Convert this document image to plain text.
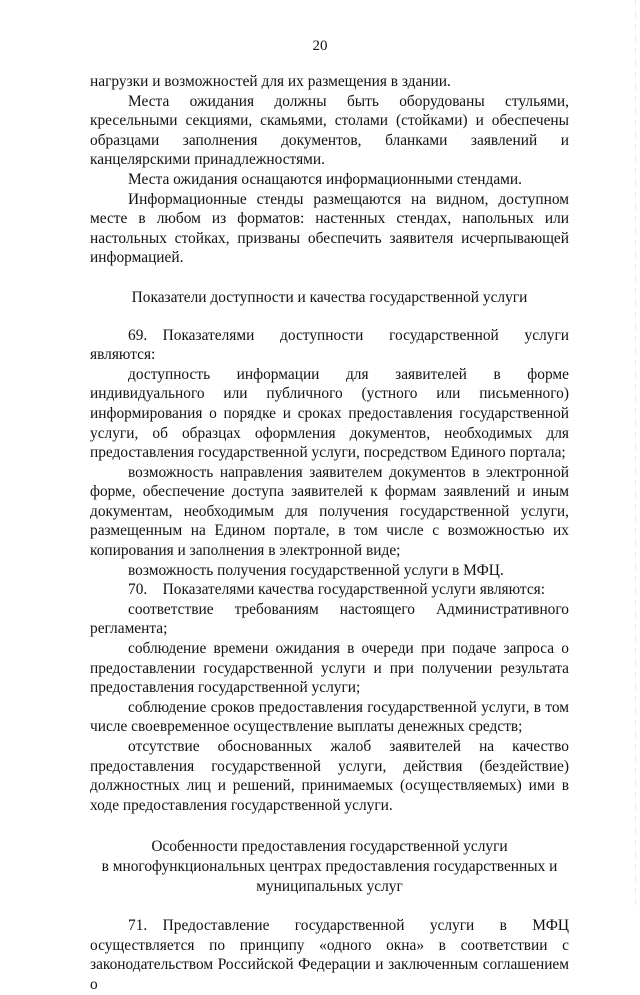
20

нагрузки и возможностей для их размещения в здании.

Места ожидания должны быть оборудованы стульями, кресельными секциями, скамьями, столами (стойками) и обеспечены образцами заполнения документов, бланками заявлений и канцелярскими принадлежностями.

Места ожидания оснащаются информационными стендами.

Информационные стенды размещаются на видном, доступном месте в любом из форматов: настенных стендах, напольных или настольных стойках, призваны обеспечить заявителя исчерпывающей информацией.

Показатели доступности и качества государственной услуги

69. Показателями доступности государственной услуги являются:

доступность информации для заявителей в форме индивидуального или публичного (устного или письменного) информирования о порядке и сроках предоставления государственной услуги, об образцах оформления документов, необходимых для предоставления государственной услуги, посредством Единого портала;

возможность направления заявителем документов в электронной форме, обеспечение доступа заявителей к формам заявлений и иным документам, необходимым для получения государственной услуги, размещенным на Едином портале, в том числе с возможностью их копирования и заполнения в электронной виде;

возможность получения государственной услуги в МФЦ.

70. Показателями качества государственной услуги являются:

соответствие требованиям настоящего Административного регламента;

соблюдение времени ожидания в очереди при подаче запроса о предоставлении государственной услуги и при получении результата предоставления государственной услуги;

соблюдение сроков предоставления государственной услуги, в том числе своевременное осуществление выплаты денежных средств;

отсутствие обоснованных жалоб заявителей на качество предоставления государственной услуги, действия (бездействие) должностных лиц и решений, принимаемых (осуществляемых) ими в ходе предоставления государственной услуги.

Особенности предоставления государственной услуги
в многофункциональных центрах предоставления государственных и
муниципальных услуг

71. Предоставление государственной услуги в МФЦ осуществляется по принципу «одного окна» в соответствии с законодательством Российской Федерации и заключенным соглашением о
